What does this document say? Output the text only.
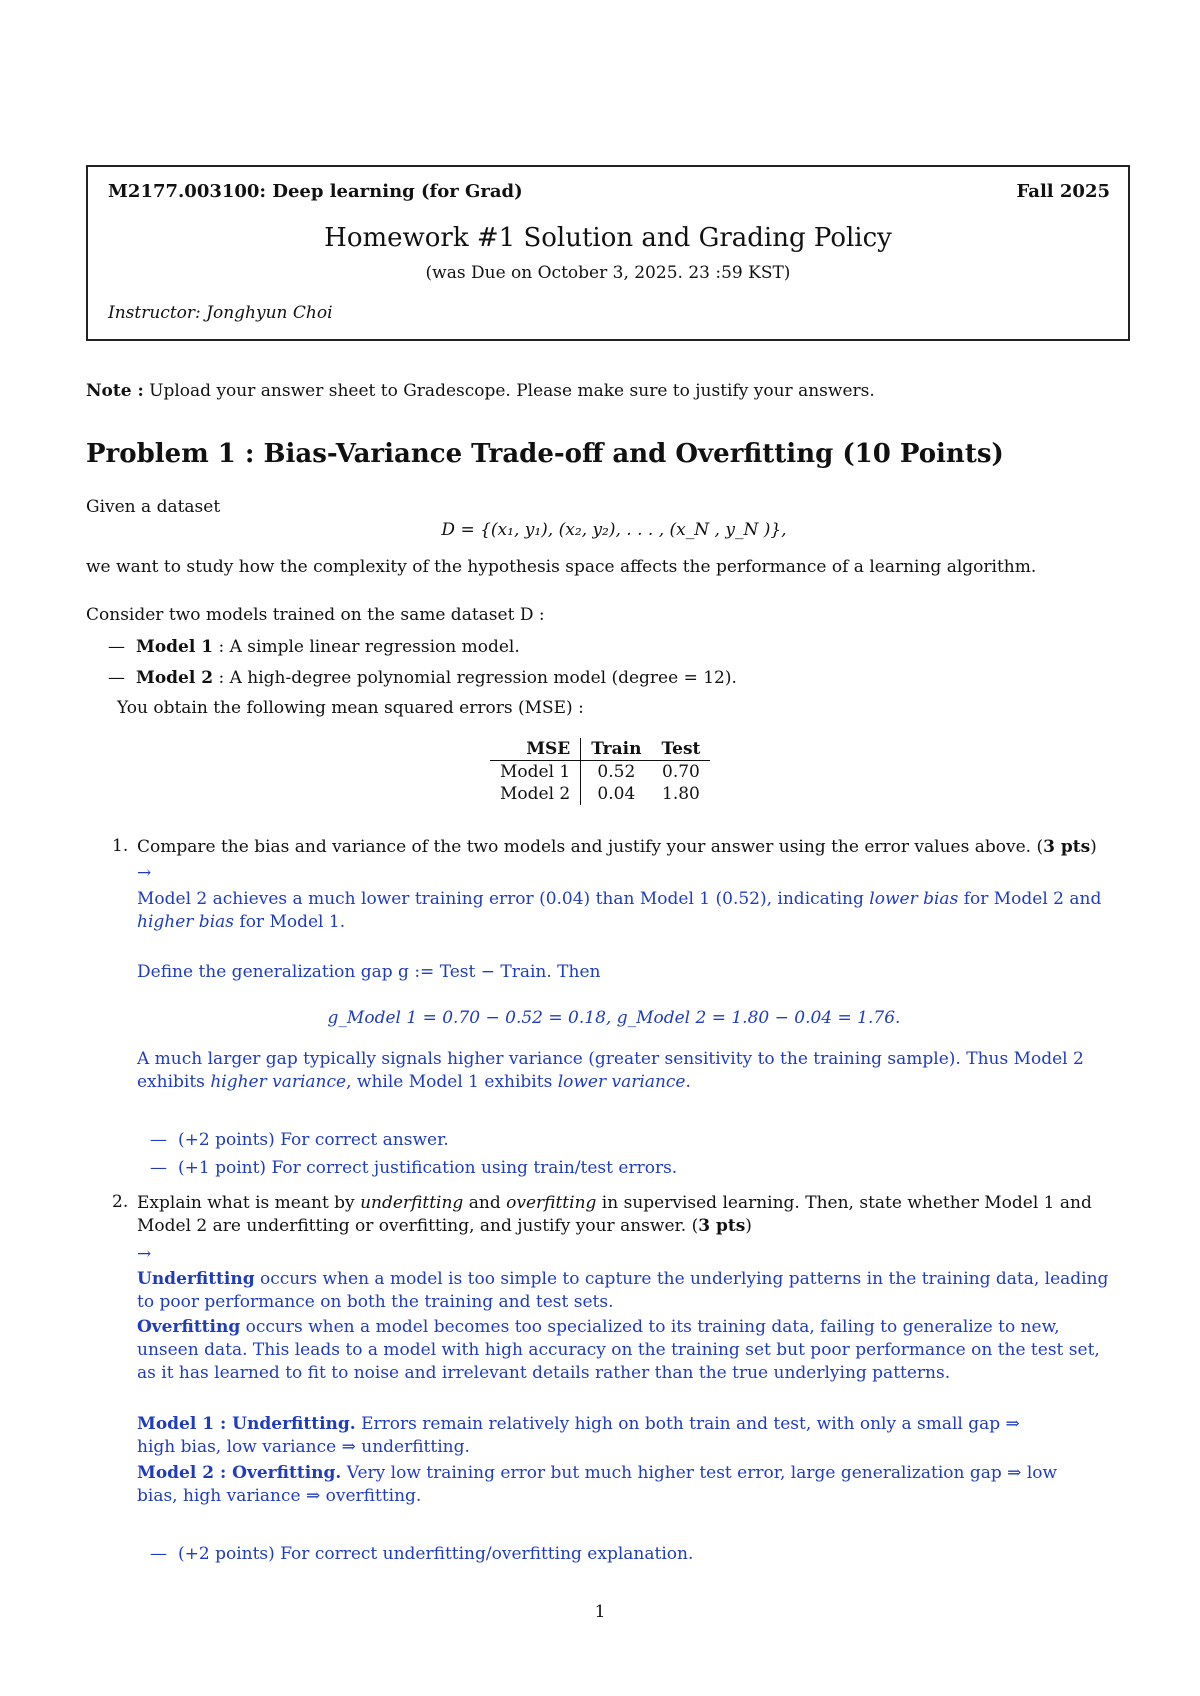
M2177.003100: Deep learning (for Grad)	Fall 2025
Homework #1 Solution and Grading Policy
(was Due on October 3, 2025. 23 :59 KST)
Instructor: Jonghyun Choi
Note : Upload your answer sheet to Gradescope. Please make sure to justify your answers.
Problem 1 : Bias-Variance Trade-off and Overfitting (10 Points)
Given a dataset
D = {(x₁, y₁), (x₂, y₂), . . . , (x_N , y_N )},
we want to study how the complexity of the hypothesis space affects the performance of a learning algorithm.
Consider two models trained on the same dataset D :
— Model 1 : A simple linear regression model.
— Model 2 : A high-degree polynomial regression model (degree = 12).
You obtain the following mean squared errors (MSE) :
MSE	Train	Test
Model 1	0.52	0.70
Model 2	0.04	1.80
1. Compare the bias and variance of the two models and justify your answer using the error values above. (3 pts)
→
Model 2 achieves a much lower training error (0.04) than Model 1 (0.52), indicating lower bias for Model 2 and
higher bias for Model 1.
Define the generalization gap g := Test − Train. Then
g_Model 1 = 0.70 − 0.52 = 0.18, g_Model 2 = 1.80 − 0.04 = 1.76.
A much larger gap typically signals higher variance (greater sensitivity to the training sample). Thus Model 2
exhibits higher variance, while Model 1 exhibits lower variance.
— (+2 points) For correct answer.
— (+1 point) For correct justification using train/test errors.
2. Explain what is meant by underfitting and overfitting in supervised learning. Then, state whether Model 1 and
Model 2 are underfitting or overfitting, and justify your answer. (3 pts)
→
Underfitting occurs when a model is too simple to capture the underlying patterns in the training data, leading
to poor performance on both the training and test sets.
Overfitting occurs when a model becomes too specialized to its training data, failing to generalize to new,
unseen data. This leads to a model with high accuracy on the training set but poor performance on the test set,
as it has learned to fit to noise and irrelevant details rather than the true underlying patterns.
Model 1 : Underfitting. Errors remain relatively high on both train and test, with only a small gap ⇒
high bias, low variance ⇒ underfitting.
Model 2 : Overfitting. Very low training error but much higher test error, large generalization gap ⇒ low
bias, high variance ⇒ overfitting.
— (+2 points) For correct underfitting/overfitting explanation.
1
